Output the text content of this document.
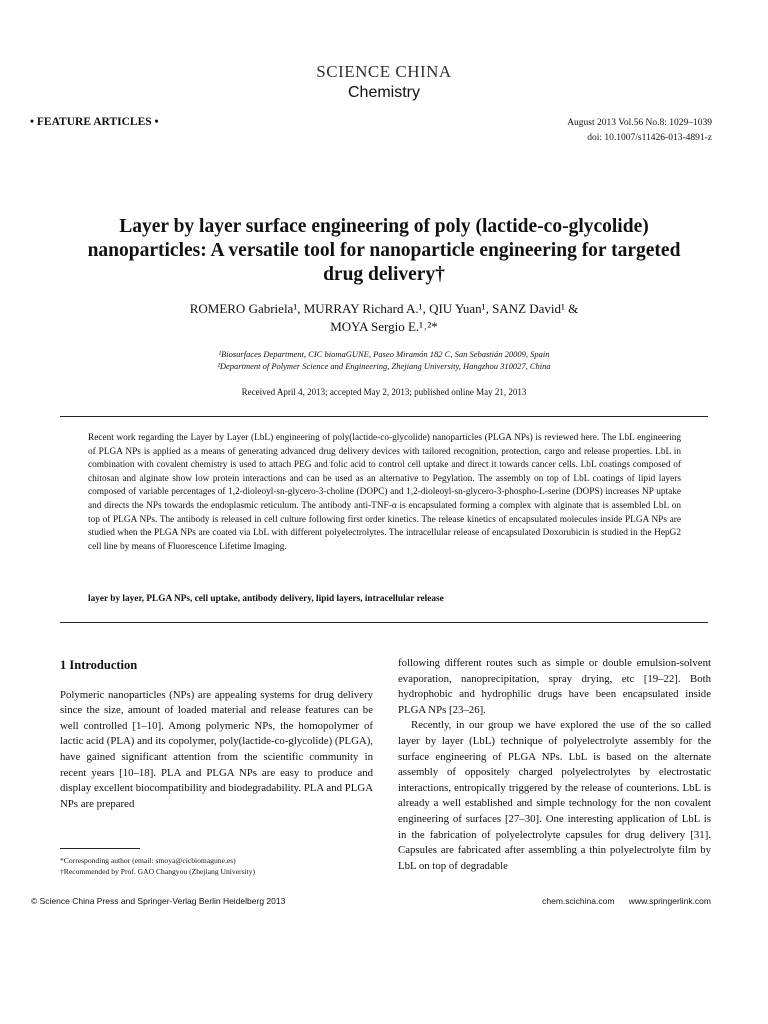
SCIENCE CHINA
Chemistry
• FEATURE ARTICLES •	August 2013 Vol.56 No.8: 1029–1039
doi: 10.1007/s11426-013-4891-z
Layer by layer surface engineering of poly (lactide-co-glycolide) nanoparticles: A versatile tool for nanoparticle engineering for targeted drug delivery†
ROMERO Gabriela¹, MURRAY Richard A.¹, QIU Yuan¹, SANZ David¹ &
MOYA Sergio E.¹˒²*
¹Biosurfaces Department, CIC biomaGUNE, Paseo Miramón 182 C, San Sebastián 20009, Spain
²Department of Polymer Science and Engineering, Zhejiang University, Hangzhou 310027, China
Received April 4, 2013; accepted May 2, 2013; published online May 21, 2013
Recent work regarding the Layer by Layer (LbL) engineering of poly(lactide-co-glycolide) nanoparticles (PLGA NPs) is reviewed here. The LbL engineering of PLGA NPs is applied as a means of generating advanced drug delivery devices with tailored recognition, protection, cargo and release properties. LbL in combination with covalent chemistry is used to attach PEG and folic acid to control cell uptake and direct it towards cancer cells. LbL coatings composed of chitosan and alginate show low protein interactions and can be used as an alternative to Pegylation. The assembly on top of LbL coatings of lipid layers composed of variable percentages of 1,2-dioleoyl-sn-glycero-3-choline (DOPC) and 1,2-dioleoyl-sn-glycero-3-phospho-L-serine (DOPS) increases NP uptake and directs the NPs towards the endoplasmic reticulum. The antibody anti-TNF-α is encapsulated forming a complex with alginate that is assembled LbL on top of PLGA NPs. The antibody is released in cell culture following first order kinetics. The release kinetics of encapsulated molecules inside PLGA NPs are studied when the PLGA NPs are coated via LbL with different polyelectrolytes. The intracellular release of encapsulated Doxorubicin is studied in the HepG2 cell line by means of Fluorescence Lifetime Imaging.
layer by layer, PLGA NPs, cell uptake, antibody delivery, lipid layers, intracellular release

1 Introduction

Polymeric nanoparticles (NPs) are appealing systems for drug delivery since the size, amount of loaded material and release features can be well controlled [1–10]. Among polymeric NPs, the homopolymer of lactic acid (PLA) and its copolymer, poly(lactide-co-glycolide) (PLGA), have gained significant attention from the scientific community in recent years [10–18]. PLA and PLGA NPs are easy to produce and display excellent biocompatibility and biodegradability. PLA and PLGA NPs are prepared

following different routes such as simple or double emulsion-solvent evaporation, nanoprecipitation, spray drying, etc [19–22]. Both hydrophobic and hydrophilic drugs have been encapsulated inside PLGA NPs [23–26].

Recently, in our group we have explored the use of the so called layer by layer (LbL) technique of polyelectrolyte assembly for the surface engineering of PLGA NPs. LbL is based on the alternate assembly of oppositely charged polyelectrolytes by electrostatic interactions, entropically triggered by the release of counterions. LbL is already a well established and simple technology for the non covalent engineering of surfaces [27–30]. One interesting application of LbL is in the fabrication of polyelectrolyte capsules for drug delivery [31]. Capsules are fabricated after assembling a thin polyelectrolyte film by LbL on top of degradable

*Corresponding author (email: smoya@cicbiomagune.es)
†Recommended by Prof. GAO Changyou (Zhejiang University)
© Science China Press and Springer-Verlag Berlin Heidelberg 2013	chem.scichina.com www.springerlink.com
